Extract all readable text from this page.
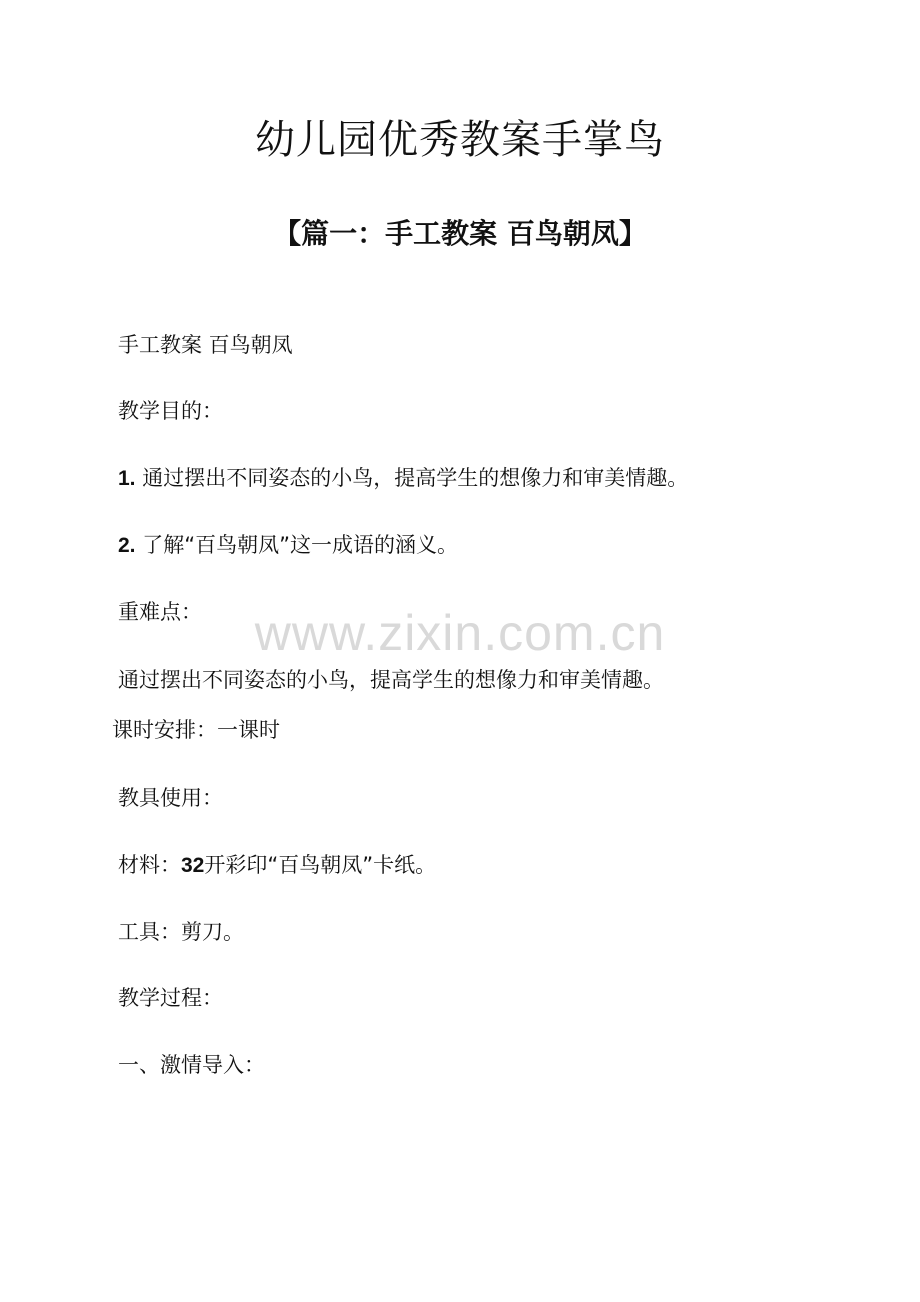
幼儿园优秀教案手掌鸟
【篇一：手工教案 百鸟朝凤】

手工教案 百鸟朝凤

教学目的：

1. 通过摆出不同姿态的小鸟，提高学生的想像力和审美情趣。

2. 了解“百鸟朝凤”这一成语的涵义。

重难点：

通过摆出不同姿态的小鸟，提高学生的想像力和审美情趣。

课时安排：一课时

教具使用：

材料：32开彩印“百鸟朝凤”卡纸。

工具：剪刀。

教学过程：

一、激情导入：

www.zixin.com.cn
